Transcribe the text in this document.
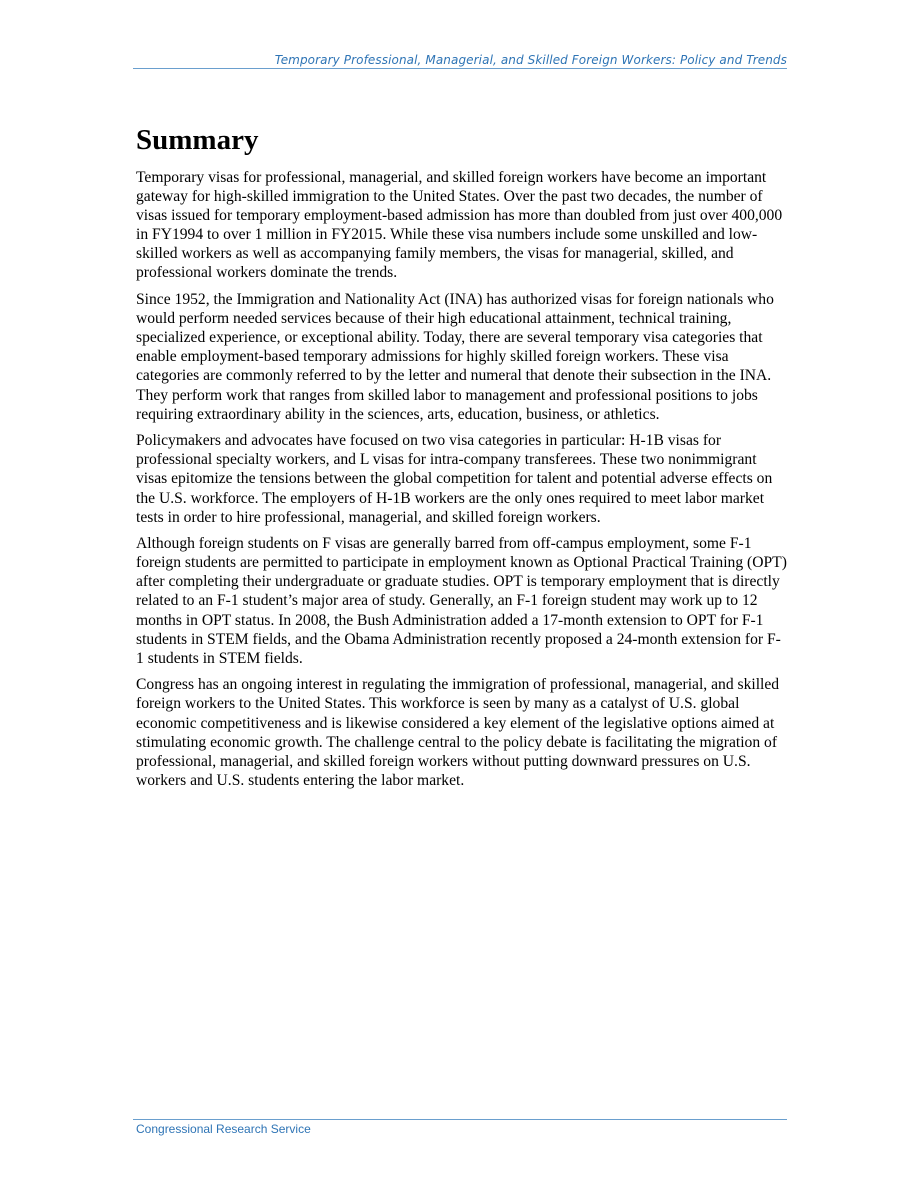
Temporary Professional, Managerial, and Skilled Foreign Workers: Policy and Trends
Summary

Temporary visas for professional, managerial, and skilled foreign workers have become an important gateway for high-skilled immigration to the United States. Over the past two decades, the number of visas issued for temporary employment-based admission has more than doubled from just over 400,000 in FY1994 to over 1 million in FY2015. While these visa numbers include some unskilled and low-skilled workers as well as accompanying family members, the visas for managerial, skilled, and professional workers dominate the trends.

Since 1952, the Immigration and Nationality Act (INA) has authorized visas for foreign nationals who would perform needed services because of their high educational attainment, technical training, specialized experience, or exceptional ability. Today, there are several temporary visa categories that enable employment-based temporary admissions for highly skilled foreign workers. These visa categories are commonly referred to by the letter and numeral that denote their subsection in the INA. They perform work that ranges from skilled labor to management and professional positions to jobs requiring extraordinary ability in the sciences, arts, education, business, or athletics.

Policymakers and advocates have focused on two visa categories in particular: H-1B visas for professional specialty workers, and L visas for intra-company transferees. These two nonimmigrant visas epitomize the tensions between the global competition for talent and potential adverse effects on the U.S. workforce. The employers of H-1B workers are the only ones required to meet labor market tests in order to hire professional, managerial, and skilled foreign workers.

Although foreign students on F visas are generally barred from off-campus employment, some F-1 foreign students are permitted to participate in employment known as Optional Practical Training (OPT) after completing their undergraduate or graduate studies. OPT is temporary employment that is directly related to an F-1 student’s major area of study. Generally, an F-1 foreign student may work up to 12 months in OPT status. In 2008, the Bush Administration added a 17-month extension to OPT for F-1 students in STEM fields, and the Obama Administration recently proposed a 24-month extension for F-1 students in STEM fields.

Congress has an ongoing interest in regulating the immigration of professional, managerial, and skilled foreign workers to the United States. This workforce is seen by many as a catalyst of U.S. global economic competitiveness and is likewise considered a key element of the legislative options aimed at stimulating economic growth. The challenge central to the policy debate is facilitating the migration of professional, managerial, and skilled foreign workers without putting downward pressures on U.S. workers and U.S. students entering the labor market.

Congressional Research Service
